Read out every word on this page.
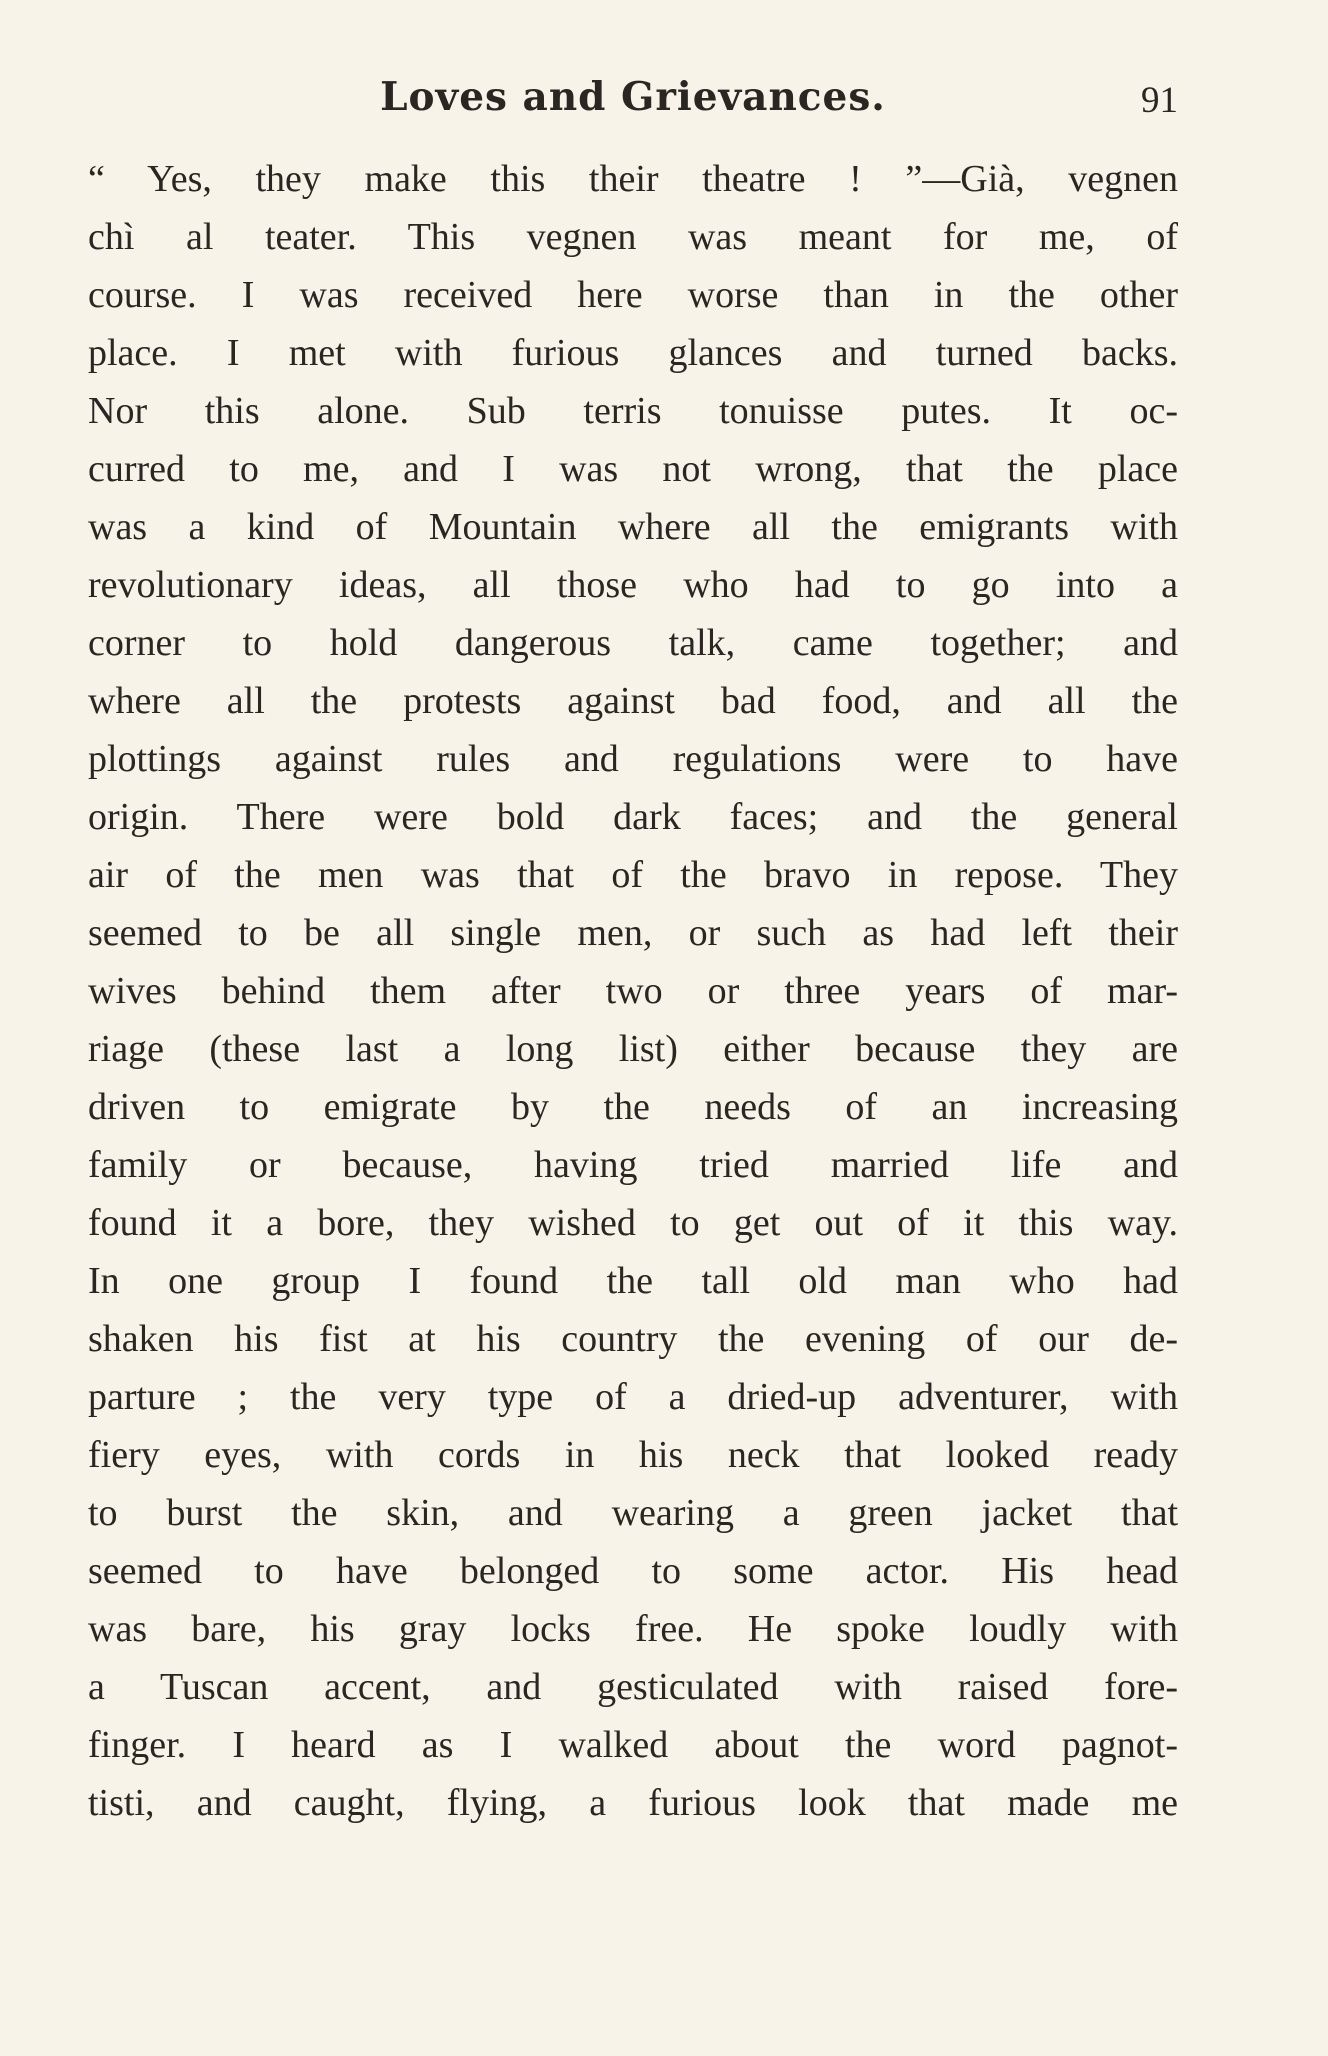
Loves and Grievances.	91
“ Yes, they make this their theatre ! ”—Già, vegnen
chì al teater. This vegnen was meant for me, of
course. I was received here worse than in the other
place. I met with furious glances and turned backs.
Nor this alone. Sub terris tonuisse putes. It oc-
curred to me, and I was not wrong, that the place
was a kind of Mountain where all the emigrants with
revolutionary ideas, all those who had to go into a
corner to hold dangerous talk, came together; and
where all the protests against bad food, and all the
plottings against rules and regulations were to have
origin. There were bold dark faces; and the general
air of the men was that of the bravo in repose. They
seemed to be all single men, or such as had left their
wives behind them after two or three years of mar-
riage (these last a long list) either because they are
driven to emigrate by the needs of an increasing
family or because, having tried married life and
found it a bore, they wished to get out of it this way.
In one group I found the tall old man who had
shaken his fist at his country the evening of our de-
parture ; the very type of a dried-up adventurer, with
fiery eyes, with cords in his neck that looked ready
to burst the skin, and wearing a green jacket that
seemed to have belonged to some actor. His head
was bare, his gray locks free. He spoke loudly with
a Tuscan accent, and gesticulated with raised fore-
finger. I heard as I walked about the word pagnot-
tisti, and caught, flying, a furious look that made me
